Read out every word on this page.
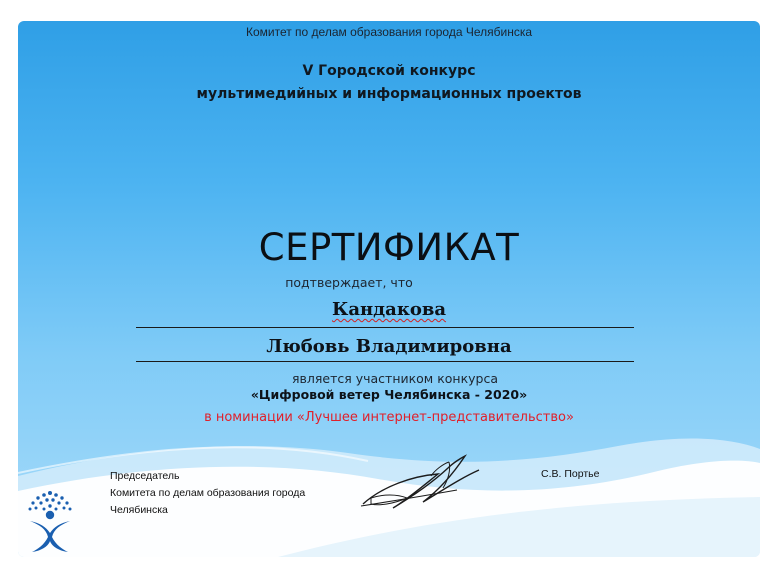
Комитет по делам образования города Челябинска
V Городской конкурс
мультимедийных и информационных проектов
СЕРТИФИКАТ
подтверждает, что
Кандакова
Любовь Владимировна
является участником конкурса
«Цифровой ветер Челябинска - 2020»
в номинации «Лучшее интернет-представительство»
Председатель
Комитета по делам образования города
Челябинска
С.В. Портье
